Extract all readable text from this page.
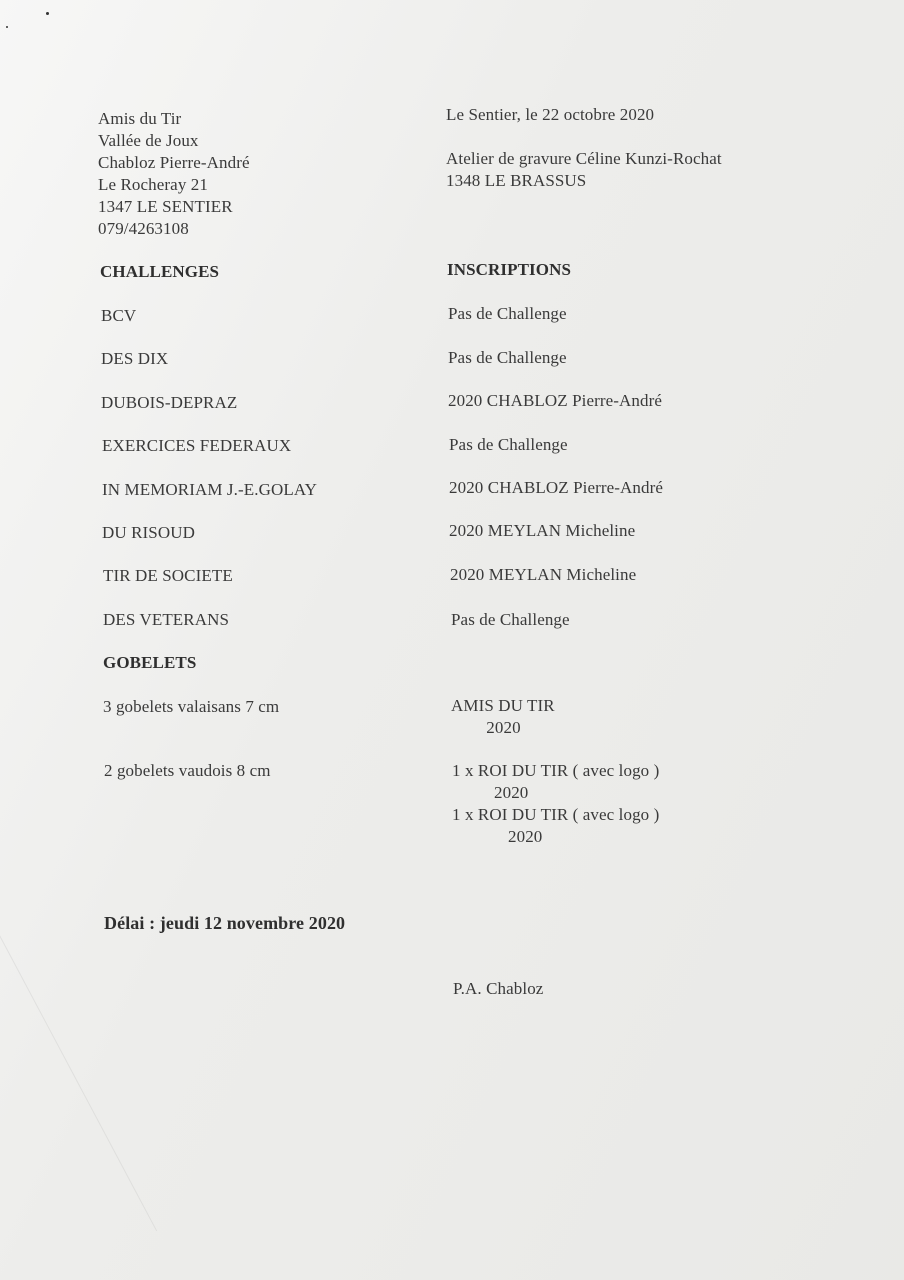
Amis du Tir
Vallée de Joux
Chabloz Pierre-André
Le Rocheray 21
1347 LE SENTIER
079/4263108
Le Sentier, le 22 octobre 2020
Atelier de gravure Céline Kunzi-Rochat
1348 LE BRASSUS
CHALLENGES	INSCRIPTIONS
BCV	Pas de Challenge
DES DIX	Pas de Challenge
DUBOIS-DEPRAZ	2020 CHABLOZ Pierre-André
EXERCICES FEDERAUX	Pas de Challenge
IN MEMORIAM J.-E.GOLAY	2020 CHABLOZ Pierre-André
DU RISOUD	2020 MEYLAN Micheline
TIR DE SOCIETE	2020 MEYLAN Micheline
DES VETERANS	Pas de Challenge
GOBELETS
3 gobelets valaisans 7 cm	AMIS DU TIR
2020
2 gobelets vaudois 8 cm	1 x ROI DU TIR ( avec logo )
2020
1 x ROI DU TIR ( avec logo )
2020
Délai : jeudi 12 novembre 2020
P.A. Chabloz
